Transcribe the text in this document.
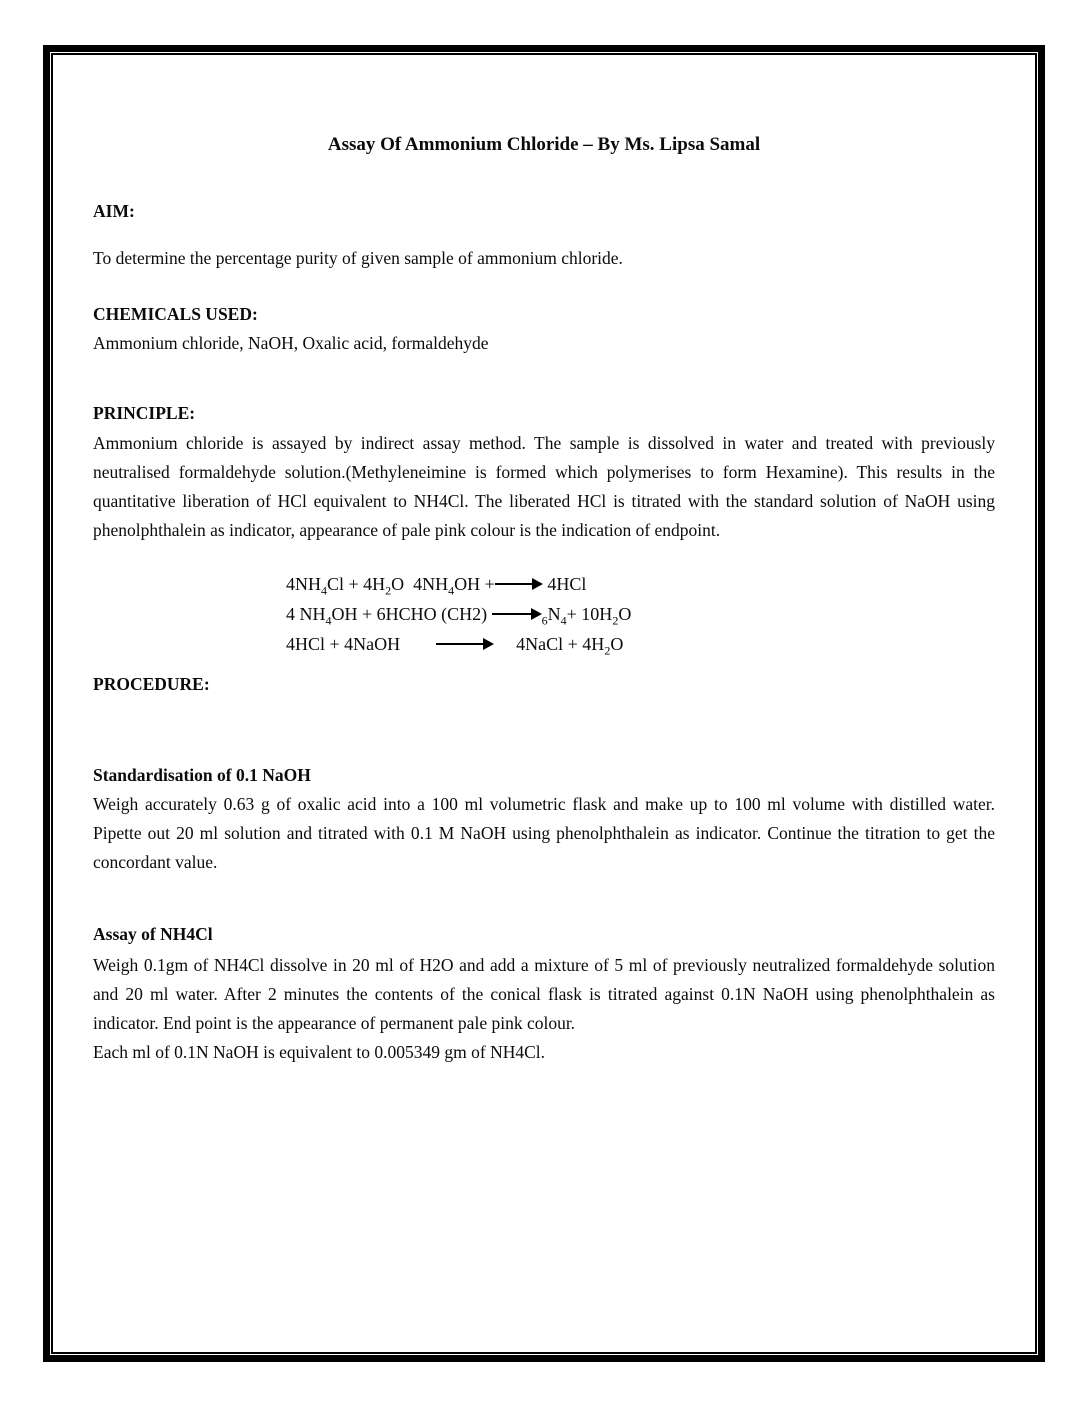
Assay Of Ammonium Chloride – By Ms. Lipsa Samal
AIM:

To determine the percentage purity of given sample of ammonium chloride.

CHEMICALS USED:

Ammonium chloride, NaOH, Oxalic acid, formaldehyde

PRINCIPLE:

Ammonium chloride is assayed by indirect assay method. The sample is dissolved in water and treated with previously neutralised formaldehyde solution.(Methyleneimine is formed which polymerises to form Hexamine). This results in the quantitative liberation of HCl equivalent to NH4Cl. The liberated HCl is titrated with the standard solution of NaOH using phenolphthalein as indicator, appearance of pale pink colour is the indication of endpoint.

$4NH_4Cl + 4H_2O$  $4NH_4OH +\to 4HCl$
4 $NH_4OH$ + 6HCHO $(CH2) \to _6N_4+ 10H_2O$
4HCl + 4NaOH → 4NaCl + $4H_2O$
PROCEDURE:
Standardisation of 0.1 NaOH

Weigh accurately 0.63 g of oxalic acid into a 100 ml volumetric flask and make up to 100 ml volume with distilled water. Pipette out 20 ml solution and titrated with 0.1 M NaOH using phenolphthalein as indicator. Continue the titration to get the concordant value.

Assay of NH4Cl

Weigh 0.1gm of NH4Cl dissolve in 20 ml of H2O and add a mixture of 5 ml of previously neutralized formaldehyde solution and 20 ml water. After 2 minutes the contents of the conical flask is titrated against 0.1N NaOH using phenolphthalein as indicator. End point is the appearance of permanent pale pink colour.

Each ml of 0.1N NaOH is equivalent to 0.005349 gm of NH4Cl.
